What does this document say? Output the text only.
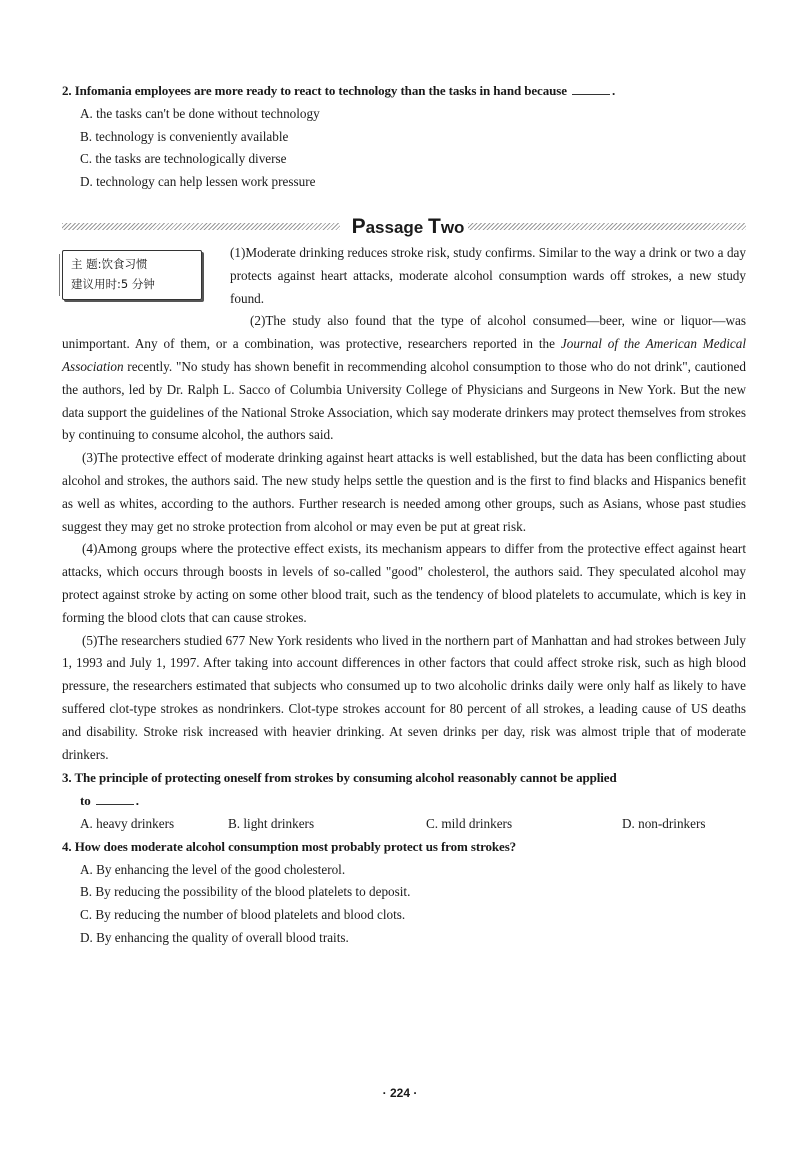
2. Infomania employees are more ready to react to technology than the tasks in hand because	.
A. the tasks can't be done without technology
B. technology is conveniently available
C. the tasks are technologically diverse
D. technology can help lessen work pressure
Passage Two
主 题:饮食习惯
建议用时:5 分钟

(1)Moderate drinking reduces stroke risk, study confirms. Similar to the way a drink or two a day protects against heart attacks, moderate alcohol consumption wards off strokes, a new study found.

(2)The study also found that the type of alcohol consumed—beer, wine or liquor—was unimportant. Any of them, or a combination, was protective, researchers reported in the Journal of the American Medical Association recently. "No study has shown benefit in recommending alcohol consumption to those who do not drink", cautioned the authors, led by Dr. Ralph L. Sacco of Columbia University College of Physicians and Surgeons in New York. But the new data support the guidelines of the National Stroke Association, which say moderate drinkers may protect themselves from strokes by continuing to consume alcohol, the authors said.

(3)The protective effect of moderate drinking against heart attacks is well established, but the data has been conflicting about alcohol and strokes, the authors said. The new study helps settle the question and is the first to find blacks and Hispanics benefit as well as whites, according to the authors. Further research is needed among other groups, such as Asians, whose past studies suggest they may get no stroke protection from alcohol or may even be put at great risk.

(4)Among groups where the protective effect exists, its mechanism appears to differ from the protective effect against heart attacks, which occurs through boosts in levels of so-called "good" cholesterol, the authors said. They speculated alcohol may protect against stroke by acting on some other blood trait, such as the tendency of blood platelets to accumulate, which is key in forming the blood clots that can cause strokes.

(5)The researchers studied 677 New York residents who lived in the northern part of Manhattan and had strokes between July 1, 1993 and July 1, 1997. After taking into account differences in other factors that could affect stroke risk, such as high blood pressure, the researchers estimated that subjects who consumed up to two alcoholic drinks daily were only half as likely to have suffered clot-type strokes as nondrinkers. Clot-type strokes account for 80 percent of all strokes, a leading cause of US deaths and disability. Stroke risk increased with heavier drinking. At seven drinks per day, risk was almost triple that of moderate drinkers.

3. The principle of protecting oneself from strokes by consuming alcohol reasonably cannot be applied
to	.
A. heavy drinkers	B. light drinkers	C. mild drinkers	D. non-drinkers
4. How does moderate alcohol consumption most probably protect us from strokes?
A. By enhancing the level of the good cholesterol.
B. By reducing the possibility of the blood platelets to deposit.
C. By reducing the number of blood platelets and blood clots.
D. By enhancing the quality of overall blood traits.
· 224 ·
